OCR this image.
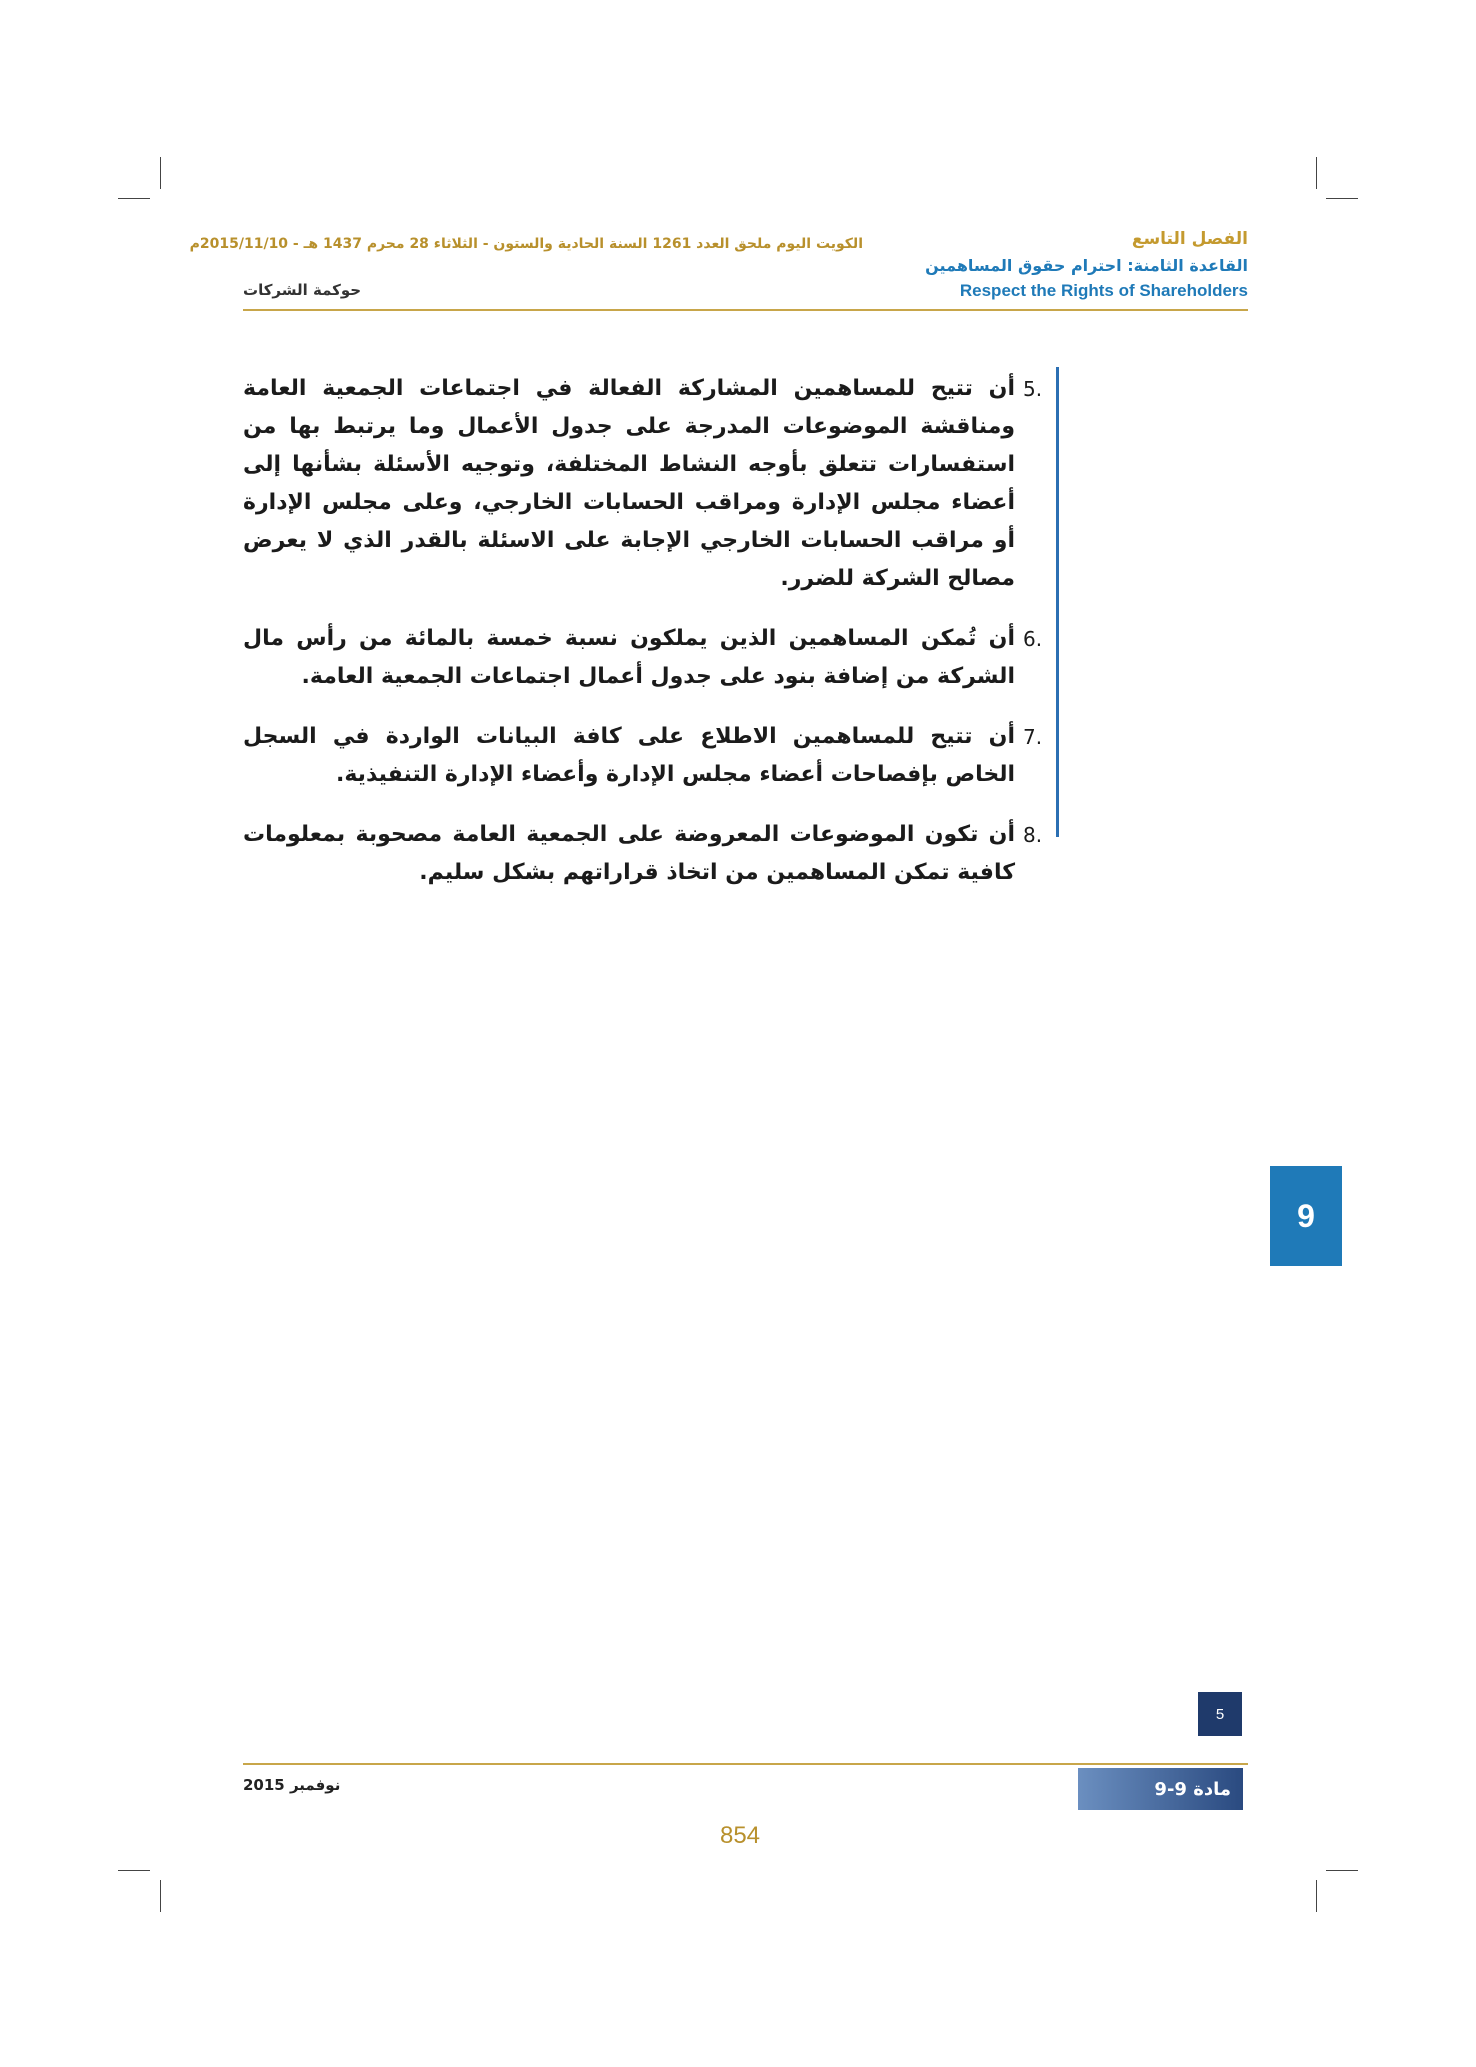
الكويت اليوم ملحق العدد 1261 السنة الحادية والستون - الثلاثاء 28 محرم 1437 هـ - 2015/11/10م	الفصل التاسع
القاعدة الثامنة: احترام حقوق المساهمين
Respect the Rights of Shareholders
حوكمة الشركات
5.
أن تتيح للمساهمين المشاركة الفعالة في اجتماعات الجمعية العامة ومناقشة الموضوعات المدرجة على جدول الأعمال وما يرتبط بها من استفسارات تتعلق بأوجه النشاط المختلفة، وتوجيه الأسئلة بشأنها إلى أعضاء مجلس الإدارة ومراقب الحسابات الخارجي، وعلى مجلس الإدارة أو مراقب الحسابات الخارجي الإجابة على الاسئلة بالقدر الذي لا يعرض مصالح الشركة للضرر.
6.
أن تُمكن المساهمين الذين يملكون نسبة خمسة بالمائة من رأس مال الشركة من إضافة بنود على جدول أعمال اجتماعات الجمعية العامة.
7.
أن تتيح للمساهمين الاطلاع على كافة البيانات الواردة في السجل الخاص بإفصاحات أعضاء مجلس الإدارة وأعضاء الإدارة التنفيذية.
8.
أن تكون الموضوعات المعروضة على الجمعية العامة مصحوبة بمعلومات كافية تمكن المساهمين من اتخاذ قراراتهم بشكل سليم.
9
5
نوفمبر 2015	مادة 9-9
854
